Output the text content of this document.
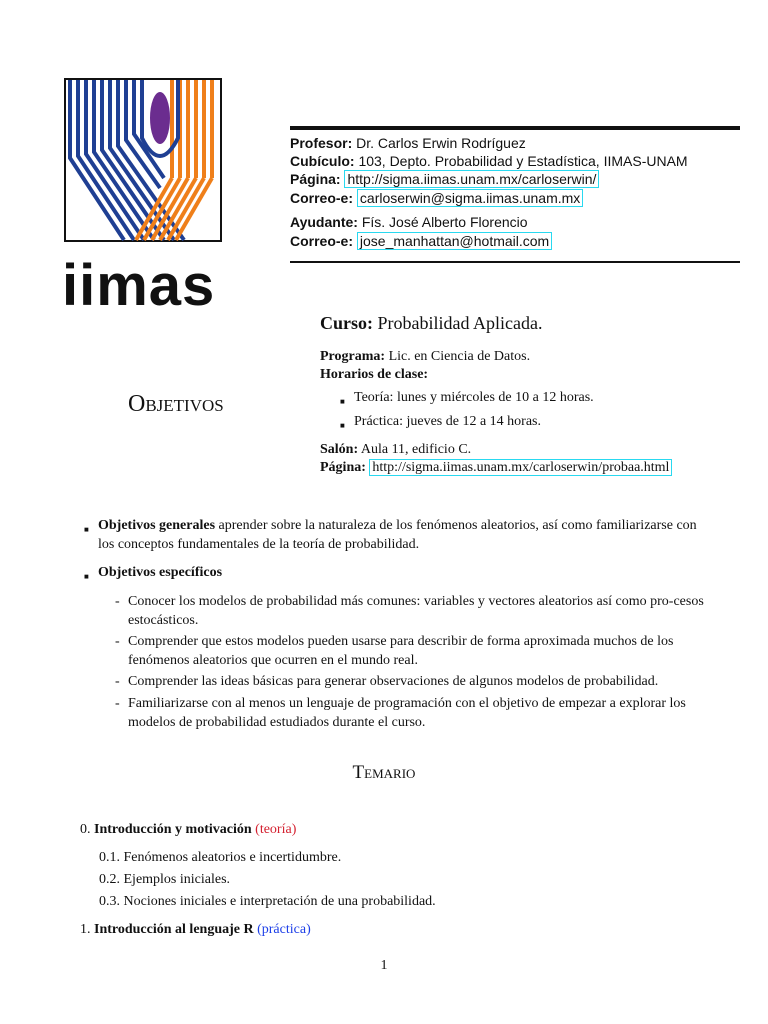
iimas
Profesor: Dr. Carlos Erwin Rodríguez
Cubículo: 103, Depto. Probabilidad y Estadística, IIMAS-UNAM
Página: http://sigma.iimas.unam.mx/carloserwin/
Correo-e: carloserwin@sigma.iimas.unam.mx
Ayudante: Fís. José Alberto Florencio
Correo-e: jose_manhattan@hotmail.com
Curso: Probabilidad Aplicada.
Programa: Lic. en Ciencia de Datos.
Horarios de clase:
■ Teoría: lunes y miércoles de 10 a 12 horas.
■ Práctica: jueves de 12 a 14 horas.
Salón: Aula 11, edificio C.
Página: http://sigma.iimas.unam.mx/carloserwin/probaa.html
Objetivos
■ Objetivos generales aprender sobre la naturaleza de los fenómenos aleatorios, así como familiarizarse con los conceptos fundamentales de la teoría de probabilidad.
■ Objetivos específicos
- Conocer los modelos de probabilidad más comunes: variables y vectores aleatorios así como pro-cesos estocásticos.
- Comprender que estos modelos pueden usarse para describir de forma aproximada muchos de los fenómenos aleatorios que ocurren en el mundo real.
- Comprender las ideas básicas para generar observaciones de algunos modelos de probabilidad.
- Familiarizarse con al menos un lenguaje de programación con el objetivo de empezar a explorar los modelos de probabilidad estudiados durante el curso.
Temario
0. Introducción y motivación (teoría)
0.1. Fenómenos aleatorios e incertidumbre.
0.2. Ejemplos iniciales.
0.3. Nociones iniciales e interpretación de una probabilidad.
1. Introducción al lenguaje R (práctica)
1
